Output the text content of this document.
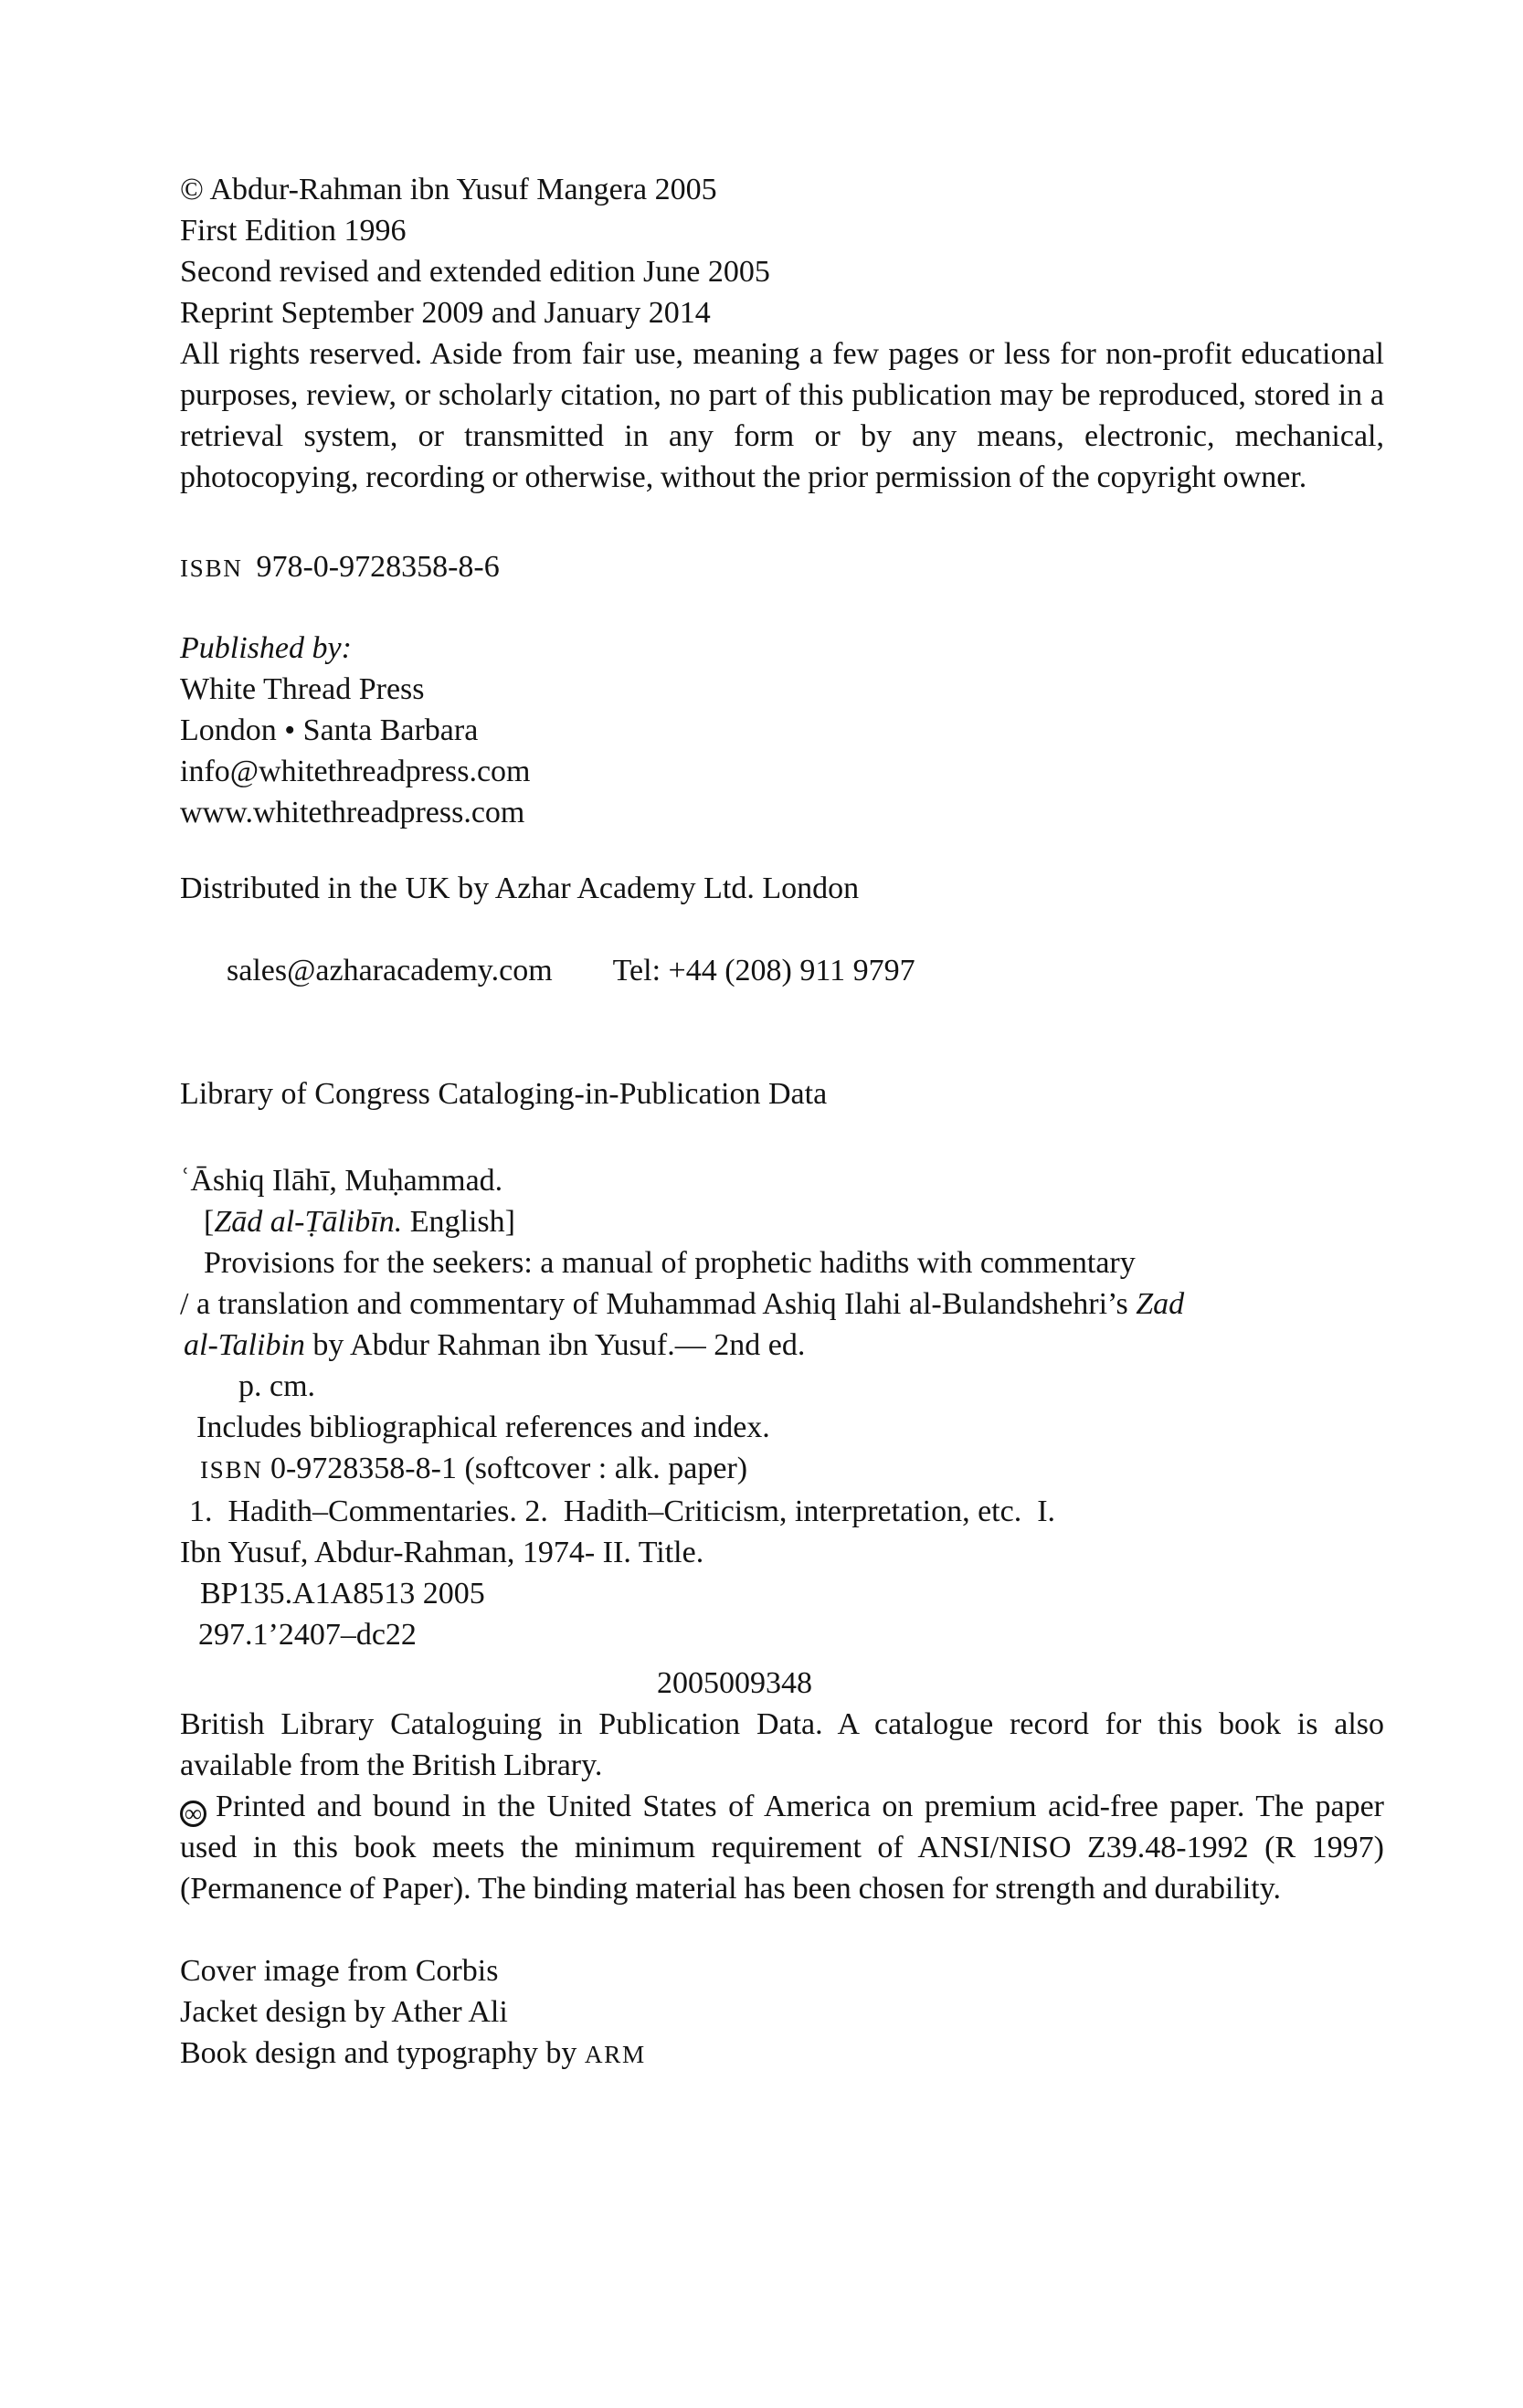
© Abdur-Rahman ibn Yusuf Mangera 2005
First Edition 1996
Second revised and extended edition June 2005
Reprint September 2009 and January 2014

All rights reserved. Aside from fair use, meaning a few pages or less for non-profit educational purposes, review, or scholarly citation, no part of this publication may be reproduced, stored in a retrieval system, or transmitted in any form or by any means, electronic, mechanical, photocopying, recording or otherwise, without the prior permission of the copyright owner.

ISBN 978-0-9728358-8-6
Published by:
White Thread Press
London • Santa Barbara
info@whitethreadpress.com
www.whitethreadpress.com
Distributed in the UK by Azhar Academy Ltd. London

sales@azharacademy.com Tel: +44 (208) 911 9797

Library of Congress Cataloging-in-Publication Data
ʿĀshiq Ilāhī, Muḥammad.
[Zād al-Ṭālibīn. English]
Provisions for the seekers: a manual of prophetic hadiths with commentary
/ a translation and commentary of Muhammad Ashiq Ilahi al-Bulandshehri’s Zad
al-Talibin by Abdur Rahman ibn Yusuf.— 2nd ed.
p. cm.
Includes bibliographical references and index.
ISBN 0-9728358-8-1 (softcover : alk. paper)
1.  Hadith–Commentaries. 2.  Hadith–Criticism, interpretation, etc.  I.
Ibn Yusuf, Abdur-Rahman, 1974- II. Title.
BP135.A1A8513 2005
297.1’2407–dc22
2005009348

British Library Cataloguing in Publication Data. A catalogue record for this book is also available from the British Library.

∞ Printed and bound in the United States of America on premium acid-free paper. The paper used in this book meets the minimum requirement of ANSI/NISO Z39.48-1992 (R 1997) (Permanence of Paper). The binding material has been chosen for strength and durability.

Cover image from Corbis
Jacket design by Ather Ali
Book design and typography by ARM
